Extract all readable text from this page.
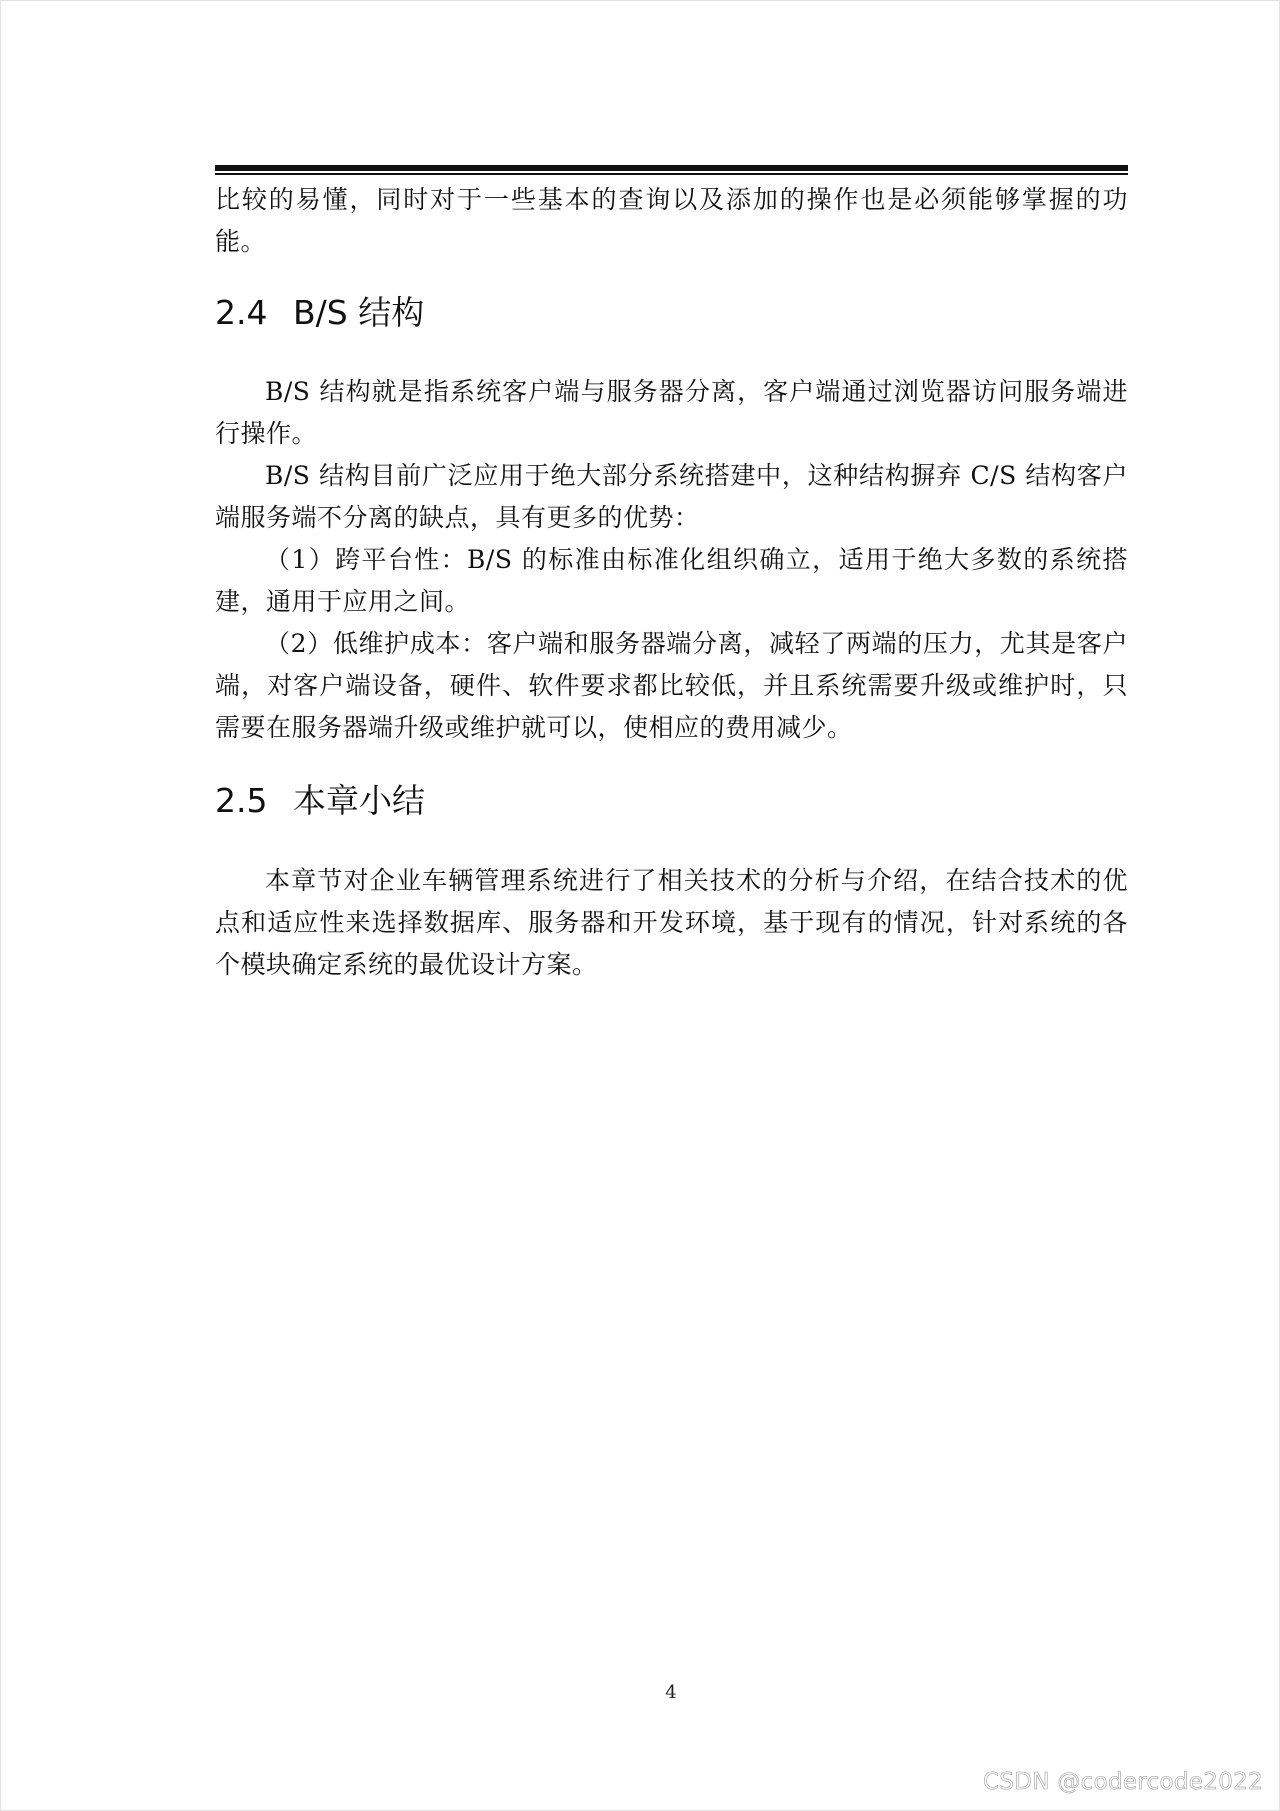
比较的易懂，同时对于一些基本的查询以及添加的操作也是必须能够掌握的功能。

2.4 B/S 结构

B/S 结构就是指系统客户端与服务器分离，客户端通过浏览器访问服务端进行操作。

B/S 结构目前广泛应用于绝大部分系统搭建中，这种结构摒弃 C/S 结构客户端服务端不分离的缺点，具有更多的优势：

（1）跨平台性：B/S 的标准由标准化组织确立，适用于绝大多数的系统搭建，通用于应用之间。

（2）低维护成本：客户端和服务器端分离，减轻了两端的压力，尤其是客户端，对客户端设备，硬件、软件要求都比较低，并且系统需要升级或维护时，只需要在服务器端升级或维护就可以，使相应的费用减少。

2.5 本章小结

本章节对企业车辆管理系统进行了相关技术的分析与介绍，在结合技术的优点和适应性来选择数据库、服务器和开发环境，基于现有的情况，针对系统的各个模块确定系统的最优设计方案。

4
CSDN @codercode2022
